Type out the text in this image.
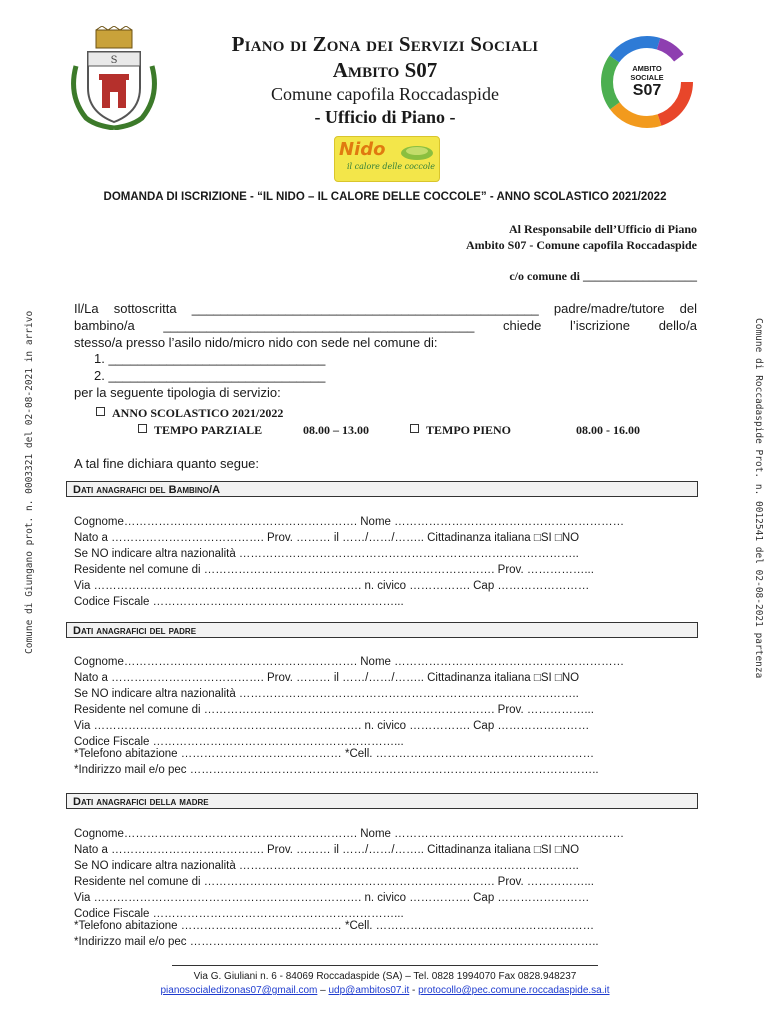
S
Piano di Zona dei Servizi Sociali
Ambito S07
Comune capofila Roccadaspide
- Ufficio di Piano -
AMBITO
SOCIALE
S07
Nido
il calore delle coccole
DOMANDA DI ISCRIZIONE - “IL NIDO – IL CALORE DELLE COCCOLE” - ANNO SCOLASTICO 2021/2022
Al Responsabile dell’Ufficio di Piano
Ambito S07 - Comune capofila Roccadaspide
c/o comune di ___________________
Il/La sottoscritta ________________________________________________ padre/madre/tutore del
bambino/a ___________________________________________ chiede l’iscrizione dello/a
stesso/a presso l’asilo nido/micro nido con sede nel comune di:
1. ______________________________
2. ______________________________
per la seguente tipologia di servizio:
ANNO SCOLASTICO 2021/2022
TEMPO PARZIALE	08.00 – 13.00	TEMPO PIENO	08.00 - 16.00
A tal fine dichiara quanto segue:
Dati anagrafici del Bambino/A
Cognome……………………………………………………. Nome ……………………………………………………
Nato a …………………………………. Prov. ……… il ……/……/…….. Cittadinanza italiana □SI □NO
Se NO indicare altra nazionalità ……………………………………………………………………………..
Residente nel comune di …………………………………………………………………. Prov. ……………...
Via ……………………………………………………………. n. civico ……………. Cap ……………………
Codice Fiscale ………………………………………………………...
Dati anagrafici del padre
Cognome……………………………………………………. Nome ……………………………………………………
Nato a …………………………………. Prov. ……… il ……/……/…….. Cittadinanza italiana □SI □NO
Se NO indicare altra nazionalità ……………………………………………………………………………..
Residente nel comune di …………………………………………………………………. Prov. ……………...
Via ……………………………………………………………. n. civico ……………. Cap ……………………
Codice Fiscale ………………………………………………………...
*Telefono abitazione …………………………………… *Cell. …………………………………………………
*Indirizzo mail e/o pec ……………………………………………………………………………………………..
Dati anagrafici della madre
Cognome……………………………………………………. Nome ……………………………………………………
Nato a …………………………………. Prov. ……… il ……/……/…….. Cittadinanza italiana □SI □NO
Se NO indicare altra nazionalità ……………………………………………………………………………..
Residente nel comune di …………………………………………………………………. Prov. ……………...
Via ……………………………………………………………. n. civico ……………. Cap ……………………
Codice Fiscale ………………………………………………………...
*Telefono abitazione …………………………………… *Cell. …………………………………………………
*Indirizzo mail e/o pec ……………………………………………………………………………………………..
Comune di Giungano prot. n. 0003321 del 02-08-2021 in arrivo	Comune di Roccadaspide Prot. n. 0012541 del 02-08-2021 partenza
Via G. Giuliani n. 6 - 84069 Roccadaspide (SA) – Tel. 0828 1994070 Fax 0828.948237
pianosocialedizonas07@gmail.com – udp@ambitos07.it - protocollo@pec.comune.roccadaspide.sa.it
